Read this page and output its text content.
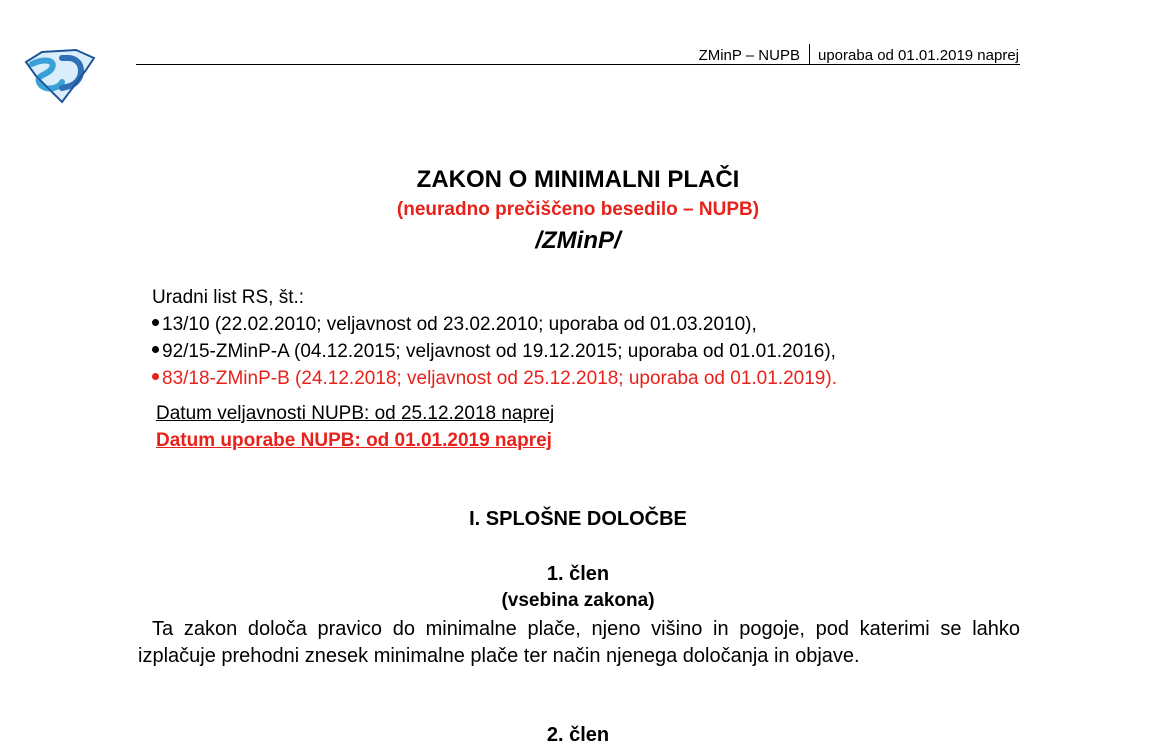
ZMinP – NUPB uporaba od 01.01.2019 naprej
ZAKON O MINIMALNI PLAČI
(neuradno prečiščeno besedilo – NUPB)
/ZMinP/
Uradni list RS, št.:
13/10 (22.02.2010; veljavnost od 23.02.2010; uporaba od 01.03.2010),
92/15-ZMinP-A (04.12.2015; veljavnost od 19.12.2015; uporaba od 01.01.2016),
83/18-ZMinP-B (24.12.2018; veljavnost od 25.12.2018; uporaba od 01.01.2019).
Datum veljavnosti NUPB: od 25.12.2018 naprej
Datum uporabe NUPB: od 01.01.2019 naprej
I. SPLOŠNE DOLOČBE
1. člen
(vsebina zakona)

Ta zakon določa pravico do minimalne plače, njeno višino in pogoje, pod katerimi se lahko izplačuje prehodni znesek minimalne plače ter način njenega določanja in objave.

2. člen
